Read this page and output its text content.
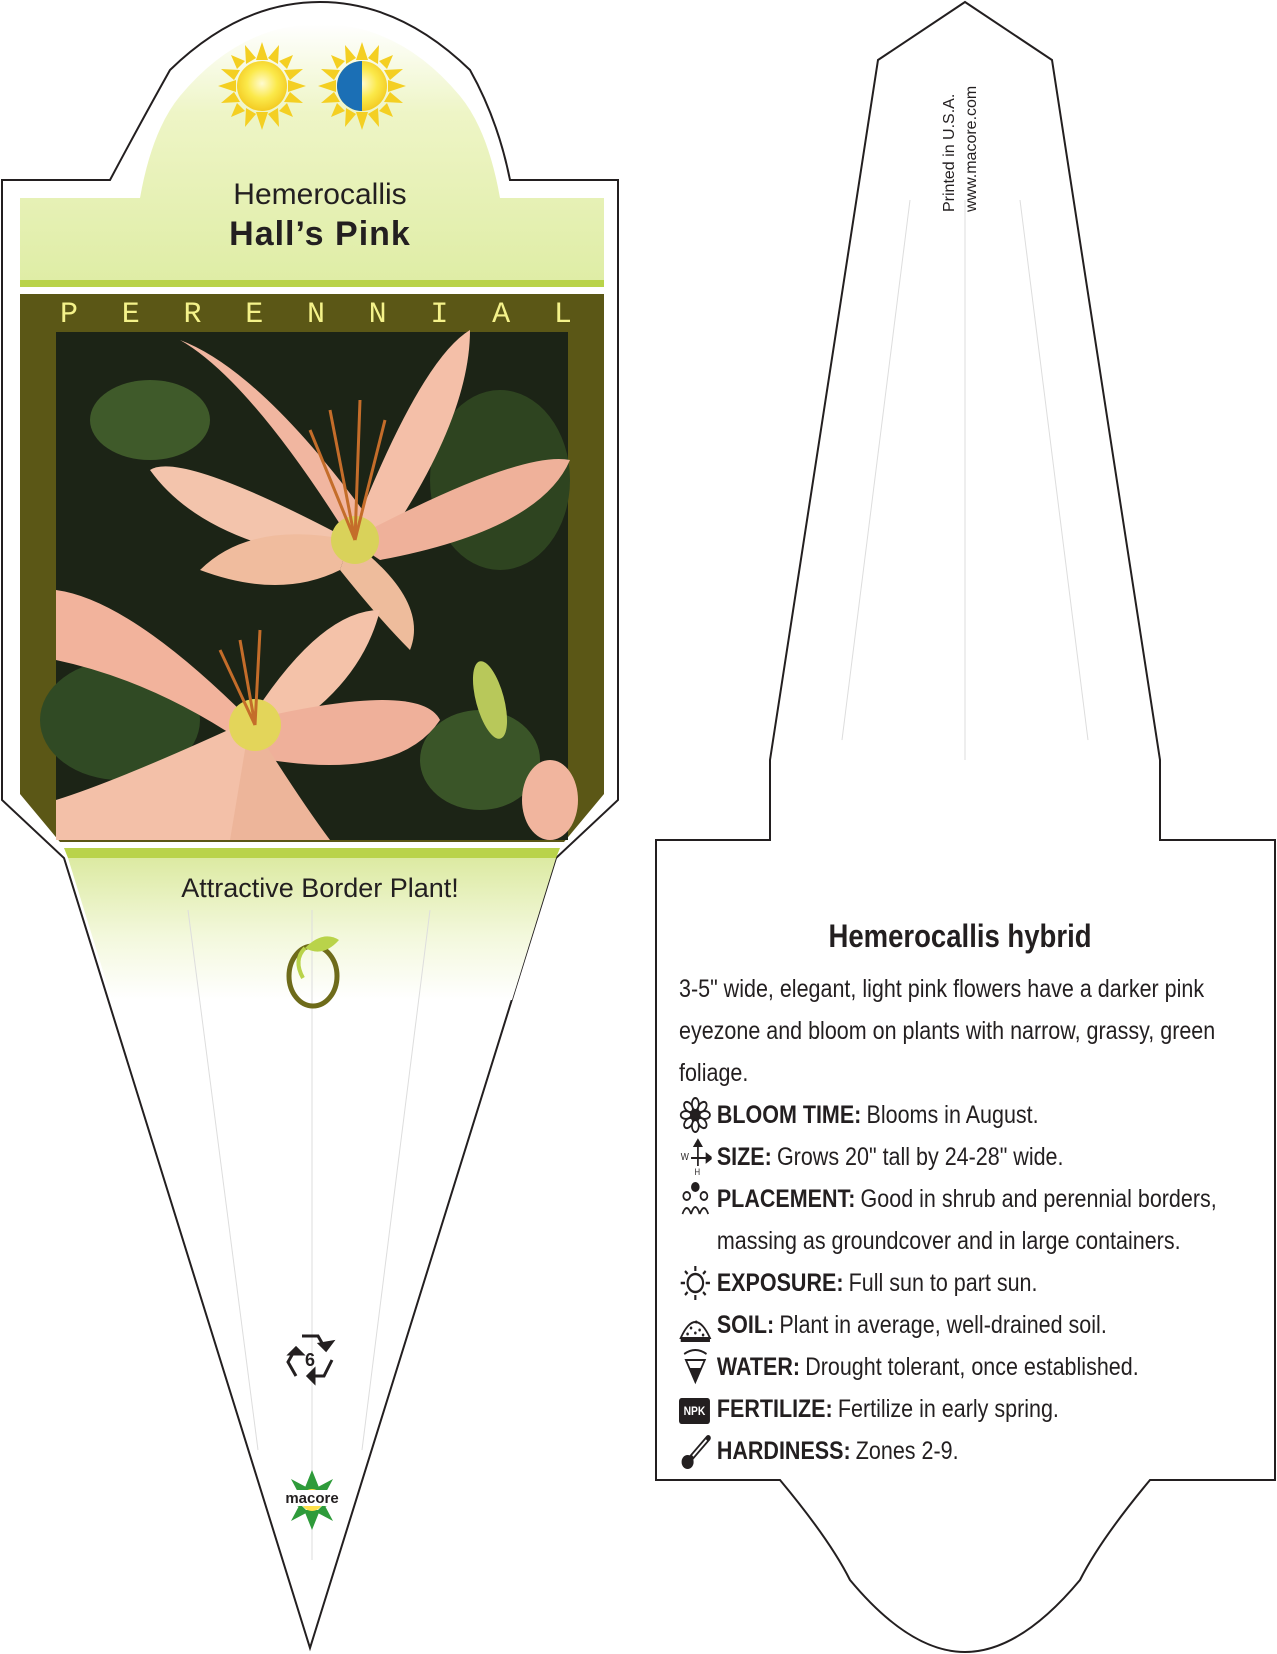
Hemerocallis
Hall’s Pink
P E R E N N I A L
Attractive Border Plant!
6
macore
Printed in U.S.A. www.macore.com
Hemerocallis hybrid

3-5" wide, elegant, light pink flowers have a darker pink eyezone and bloom on plants with narrow, grassy, green foliage.

BLOOM TIME: Blooms in August.
W
H
SIZE: Grows 20" tall by 24-28" wide.
PLACEMENT: Good in shrub and perennial borders, massing as groundcover and in large containers.
EXPOSURE: Full sun to part sun.
SOIL: Plant in average, well-drained soil.
WATER: Drought tolerant, once established.
NPK FERTILIZE: Fertilize in early spring.
HARDINESS: Zones 2-9.
